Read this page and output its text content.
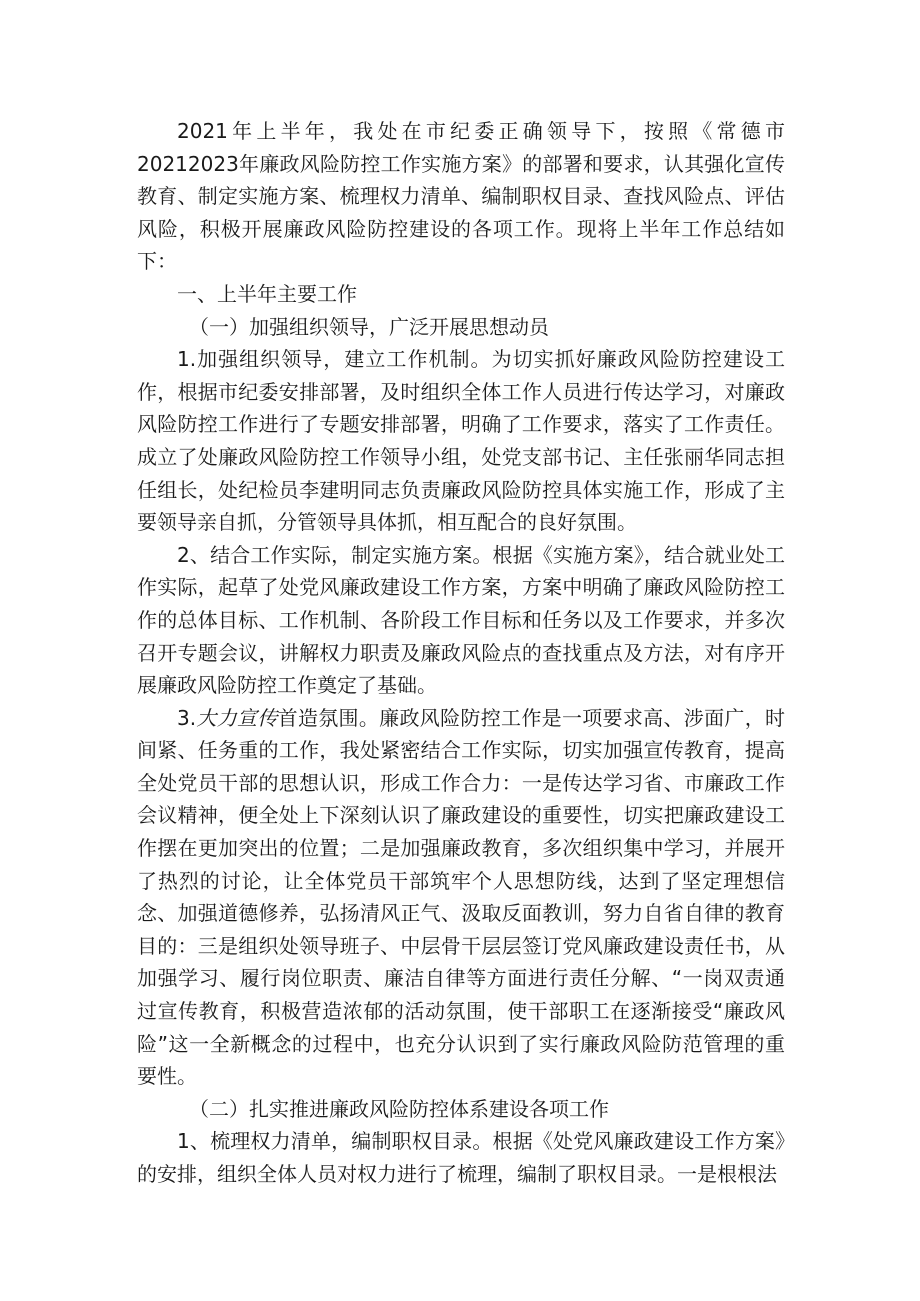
2021年上半年，我处在市纪委正确领导下，按照《常德市20212023年廉政风险防控工作实施方案》的部署和要求，认其强化宣传教育、制定实施方案、梳理权力清单、编制职权目录、查找风险点、评估风险，积极开展廉政风险防控建设的各项工作。现将上半年工作总结如下：

一、上半年主要工作

（一）加强组织领导，广泛开展思想动员

1.加强组织领导，建立工作机制。为切实抓好廉政风险防控建设工作，根据市纪委安排部署，及时组织全体工作人员进行传达学习，对廉政风险防控工作进行了专题安排部署，明确了工作要求，落实了工作责任。成立了处廉政风险防控工作领导小组，处党支部书记、主任张丽华同志担任组长，处纪检员李建明同志负责廉政风险防控具体实施工作，形成了主要领导亲自抓，分管领导具体抓，相互配合的良好氛围。

2、结合工作实际，制定实施方案。根据《实施方案》，结合就业处工作实际，起草了处党风廉政建设工作方案，方案中明确了廉政风险防控工作的总体目标、工作机制、各阶段工作目标和任务以及工作要求，并多次召开专题会议，讲解权力职责及廉政风险点的查找重点及方法，对有序开展廉政风险防控工作奠定了基础。

3.大力宣传首造氛围。廉政风险防控工作是一项要求高、涉面广，时间紧、任务重的工作，我处紧密结合工作实际，切实加强宣传教育，提高全处党员干部的思想认识，形成工作合力：一是传达学习省、市廉政工作会议精神，便全处上下深刻认识了廉政建设的重要性，切实把廉政建设工作摆在更加突出的位置；二是加强廉政教育，多次组织集中学习，并展开了热烈的讨论，让全体党员干部筑牢个人思想防线，达到了坚定理想信念、加强道德修养，弘扬清风正气、汲取反面教训，努力自省自律的教育目的：三是组织处领导班子、中层骨干层层签订党风廉政建设责任书，从加强学习、履行岗位职责、廉洁自律等方面进行责任分解、“一岗双责通过宣传教育，积极营造浓郁的活动氛围，使干部职工在逐渐接受“廉政风险”这一全新概念的过程中，也充分认识到了实行廉政风险防范管理的重要性。

（二）扎实推进廉政风险防控体系建设各项工作

1、梳理权力清单，编制职权目录。根据《处党风廉政建设工作方案》的安排，组织全体人员对权力进行了梳理，编制了职权目录。一是根根法
